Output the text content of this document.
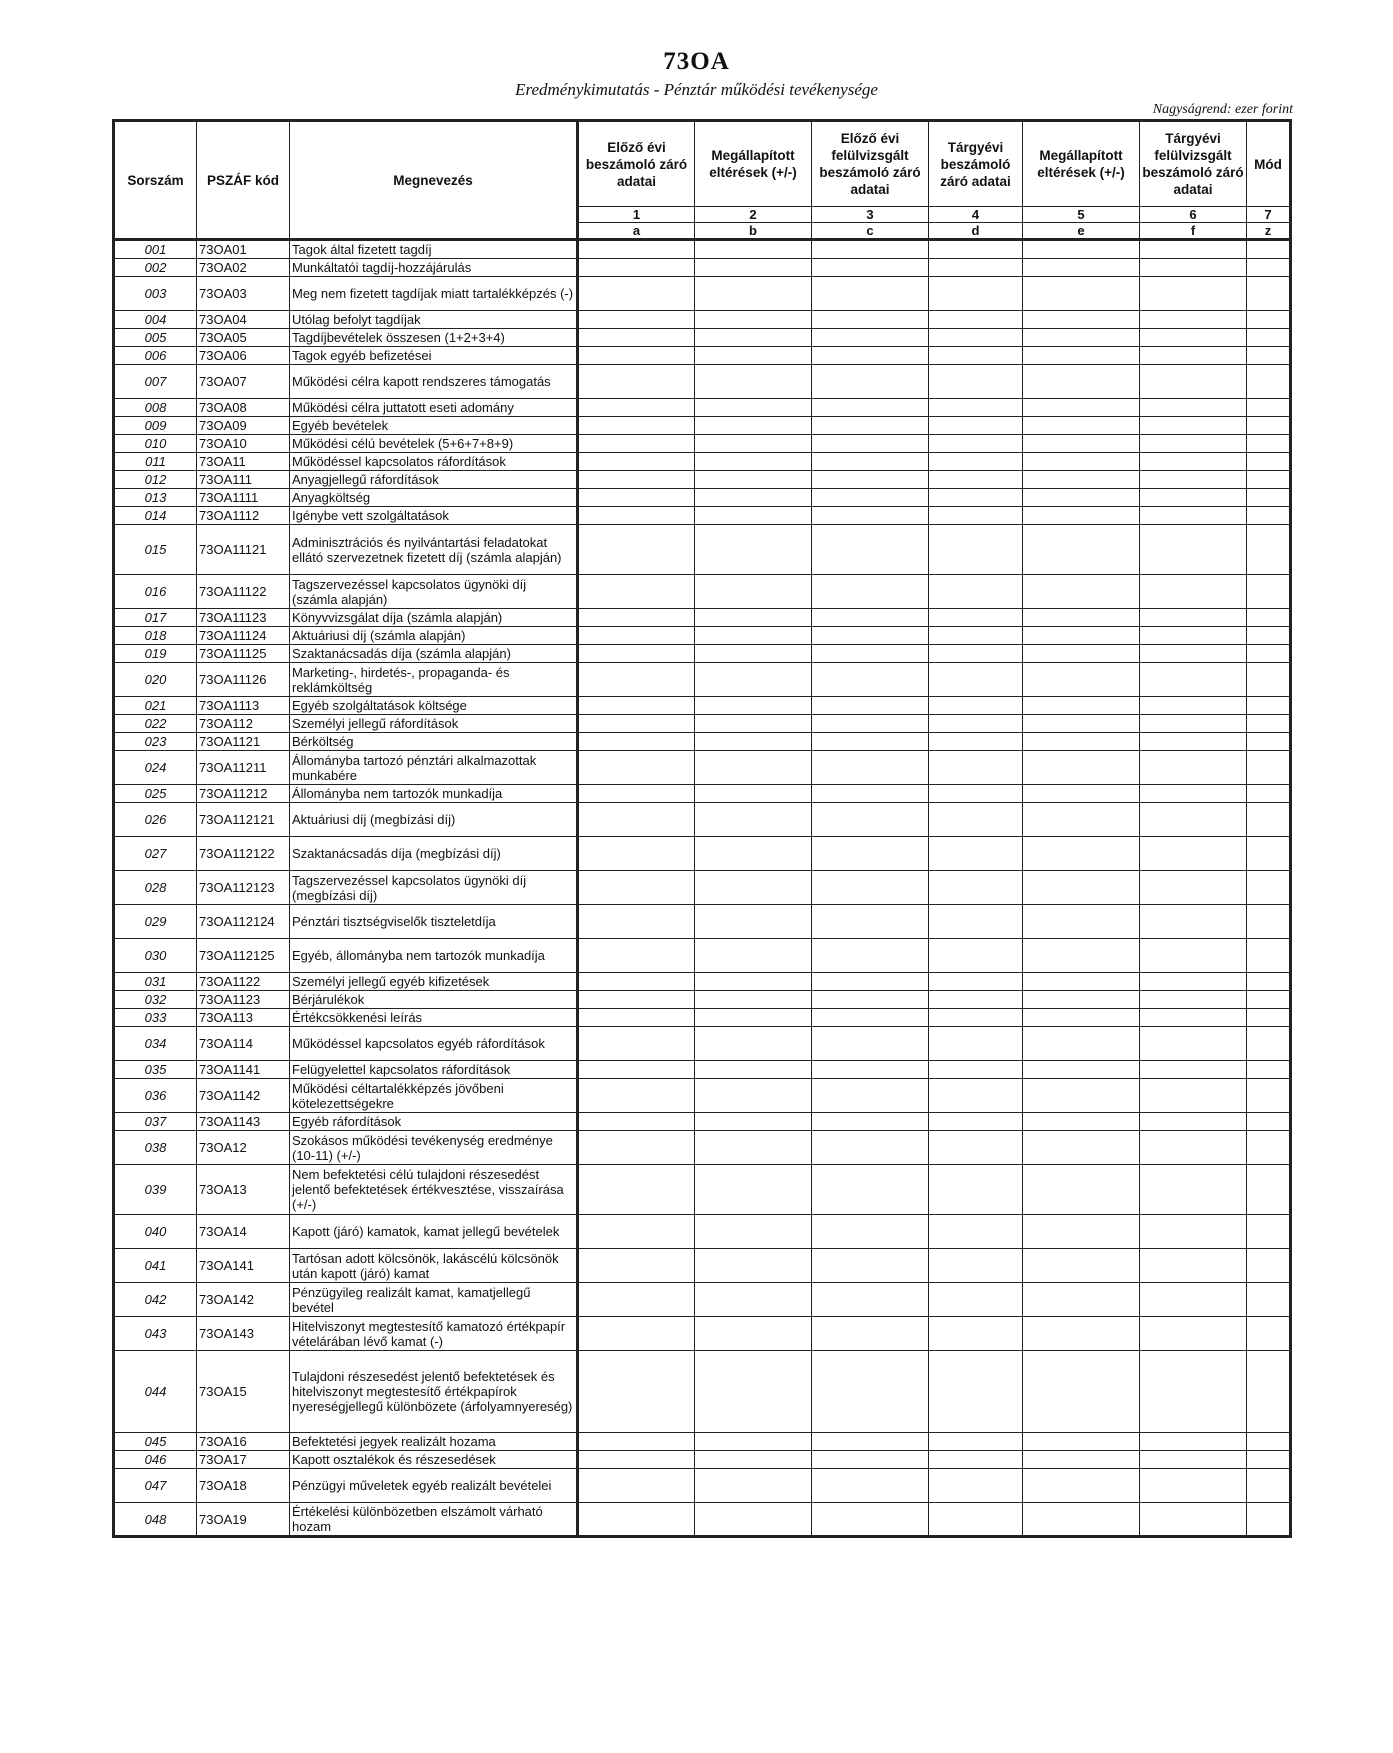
73OA
Eredménykimutatás - Pénztár működési tevékenysége
Nagyságrend: ezer forint
Sorszám	PSZÁF kód	Megnevezés	Előző évi beszámoló záró adatai	Megállapított eltérések (+/-)	Előző évi felülvizsgált beszámoló záró adatai	Tárgyévi beszámoló záró adatai	Megállapított eltérések (+/-)	Tárgyévi felülvizsgált beszámoló záró adatai	Mód
			1	2	3	4	5	6	7
			a	b	c	d	e	f	z
001	73OA01	Tagok által fizetett tagdíj							
002	73OA02	Munkáltatói tagdíj-hozzájárulás							
003	73OA03	Meg nem fizetett tagdíjak miatt tartalékképzés (-)							
004	73OA04	Utólag befolyt tagdíjak							
005	73OA05	Tagdíjbevételek összesen (1+2+3+4)							
006	73OA06	Tagok egyéb befizetései							
007	73OA07	Működési célra kapott rendszeres támogatás							
008	73OA08	Működési célra juttatott eseti adomány							
009	73OA09	Egyéb bevételek							
010	73OA10	Működési célú bevételek (5+6+7+8+9)							
011	73OA11	Működéssel kapcsolatos ráfordítások							
012	73OA111	Anyagjellegű ráfordítások							
013	73OA1111	Anyagköltség							
014	73OA1112	Igénybe vett szolgáltatások							
015	73OA11121	Adminisztrációs és nyilvántartási feladatokat ellátó szervezetnek fizetett díj (számla alapján)							
016	73OA11122	Tagszervezéssel kapcsolatos ügynöki díj (számla alapján)							
017	73OA11123	Könyvvizsgálat díja (számla alapján)							
018	73OA11124	Aktuáriusi díj (számla alapján)							
019	73OA11125	Szaktanácsadás díja (számla alapján)							
020	73OA11126	Marketing-, hirdetés-, propaganda- és reklámköltség							
021	73OA1113	Egyéb szolgáltatások költsége							
022	73OA112	Személyi jellegű ráfordítások							
023	73OA1121	Bérköltség							
024	73OA11211	Állományba tartozó pénztári alkalmazottak munkabére							
025	73OA11212	Állományba nem tartozók munkadíja							
026	73OA112121	Aktuáriusi díj (megbízási díj)							
027	73OA112122	Szaktanácsadás díja (megbízási díj)							
028	73OA112123	Tagszervezéssel kapcsolatos ügynöki díj (megbízási díj)							
029	73OA112124	Pénztári tisztségviselők tiszteletdíja							
030	73OA112125	Egyéb, állományba nem tartozók munkadíja							
031	73OA1122	Személyi jellegű egyéb kifizetések							
032	73OA1123	Bérjárulékok							
033	73OA113	Értékcsökkenési leírás							
034	73OA114	Működéssel kapcsolatos egyéb ráfordítások							
035	73OA1141	Felügyelettel kapcsolatos ráfordítások							
036	73OA1142	Működési céltartalékképzés jövőbeni kötelezettségekre							
037	73OA1143	Egyéb ráfordítások							
038	73OA12	Szokásos működési tevékenység eredménye (10-11) (+/-)							
039	73OA13	Nem befektetési célú tulajdoni részesedést jelentő befektetések értékvesztése, visszaírása (+/-)							
040	73OA14	Kapott (járó) kamatok, kamat jellegű bevételek							
041	73OA141	Tartósan adott kölcsönök, lakáscélú kölcsönök után kapott (járó) kamat							
042	73OA142	Pénzügyileg realizált kamat, kamatjellegű bevétel							
043	73OA143	Hitelviszonyt megtestesítő kamatozó értékpapír vételárában lévő kamat (-)							
044	73OA15	Tulajdoni részesedést jelentő befektetések és hitelviszonyt megtestesítő értékpapírok nyereségjellegű különbözete (árfolyamnyereség)							
045	73OA16	Befektetési jegyek realizált hozama							
046	73OA17	Kapott osztalékok és részesedések							
047	73OA18	Pénzügyi műveletek egyéb realizált bevételei							
048	73OA19	Értékelési különbözetben elszámolt várható hozam							
